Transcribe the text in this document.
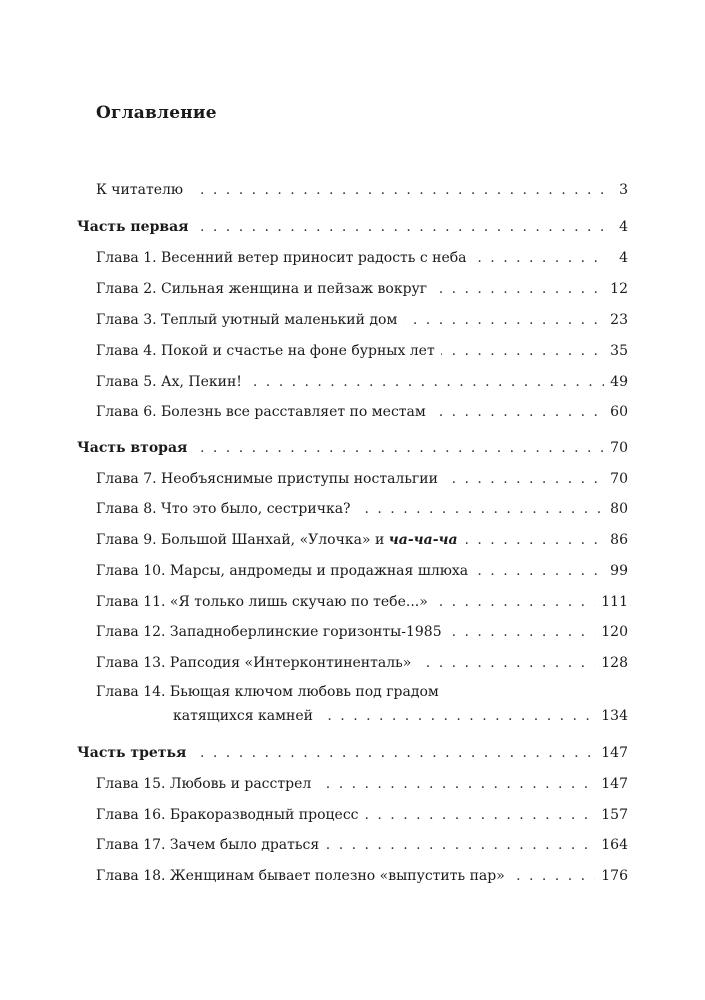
Оглавление
. . .
К читателю	3
. . .
Часть первая	4
. . .
Глава 1. Весенний ветер приносит радость с неба	4
. . .
Глава 2. Сильная женщина и пейзаж вокруг	12
. . .
Глава 3. Теплый уютный маленький дом	23
. . .
Глава 4. Покой и счастье на фоне бурных лет	35
. . .
Глава 5. Ах, Пекин!	49
. . .
Глава 6. Болезнь все расставляет по местам	60
. . .
Часть вторая	70
. . .
Глава 7. Необъяснимые приступы ностальгии	70
. . .
Глава 8. Что это было, сестричка?	80
. . .
Глава 9. Большой Шанхай, «Улочка» и ча-ча-ча	86
. . .
Глава 10. Марсы, андромеды и продажная шлюха	99
. . .
Глава 11. «Я только лишь скучаю по тебе...»	111
. . .
Глава 12. Западноберлинские горизонты-1985	120
. . .
Глава 13. Рапсодия «Интерконтиненталь»	128
Глава 14. Бьющая ключом любовь под градом
. . .
катящихся камней	134
. . .
Часть третья	147
. . .
Глава 15. Любовь и расстрел	147
. . .
Глава 16. Бракоразводный процесс	157
. . .
Глава 17. Зачем было драться	164
. . .
Глава 18. Женщинам бывает полезно «выпустить пар»	176
